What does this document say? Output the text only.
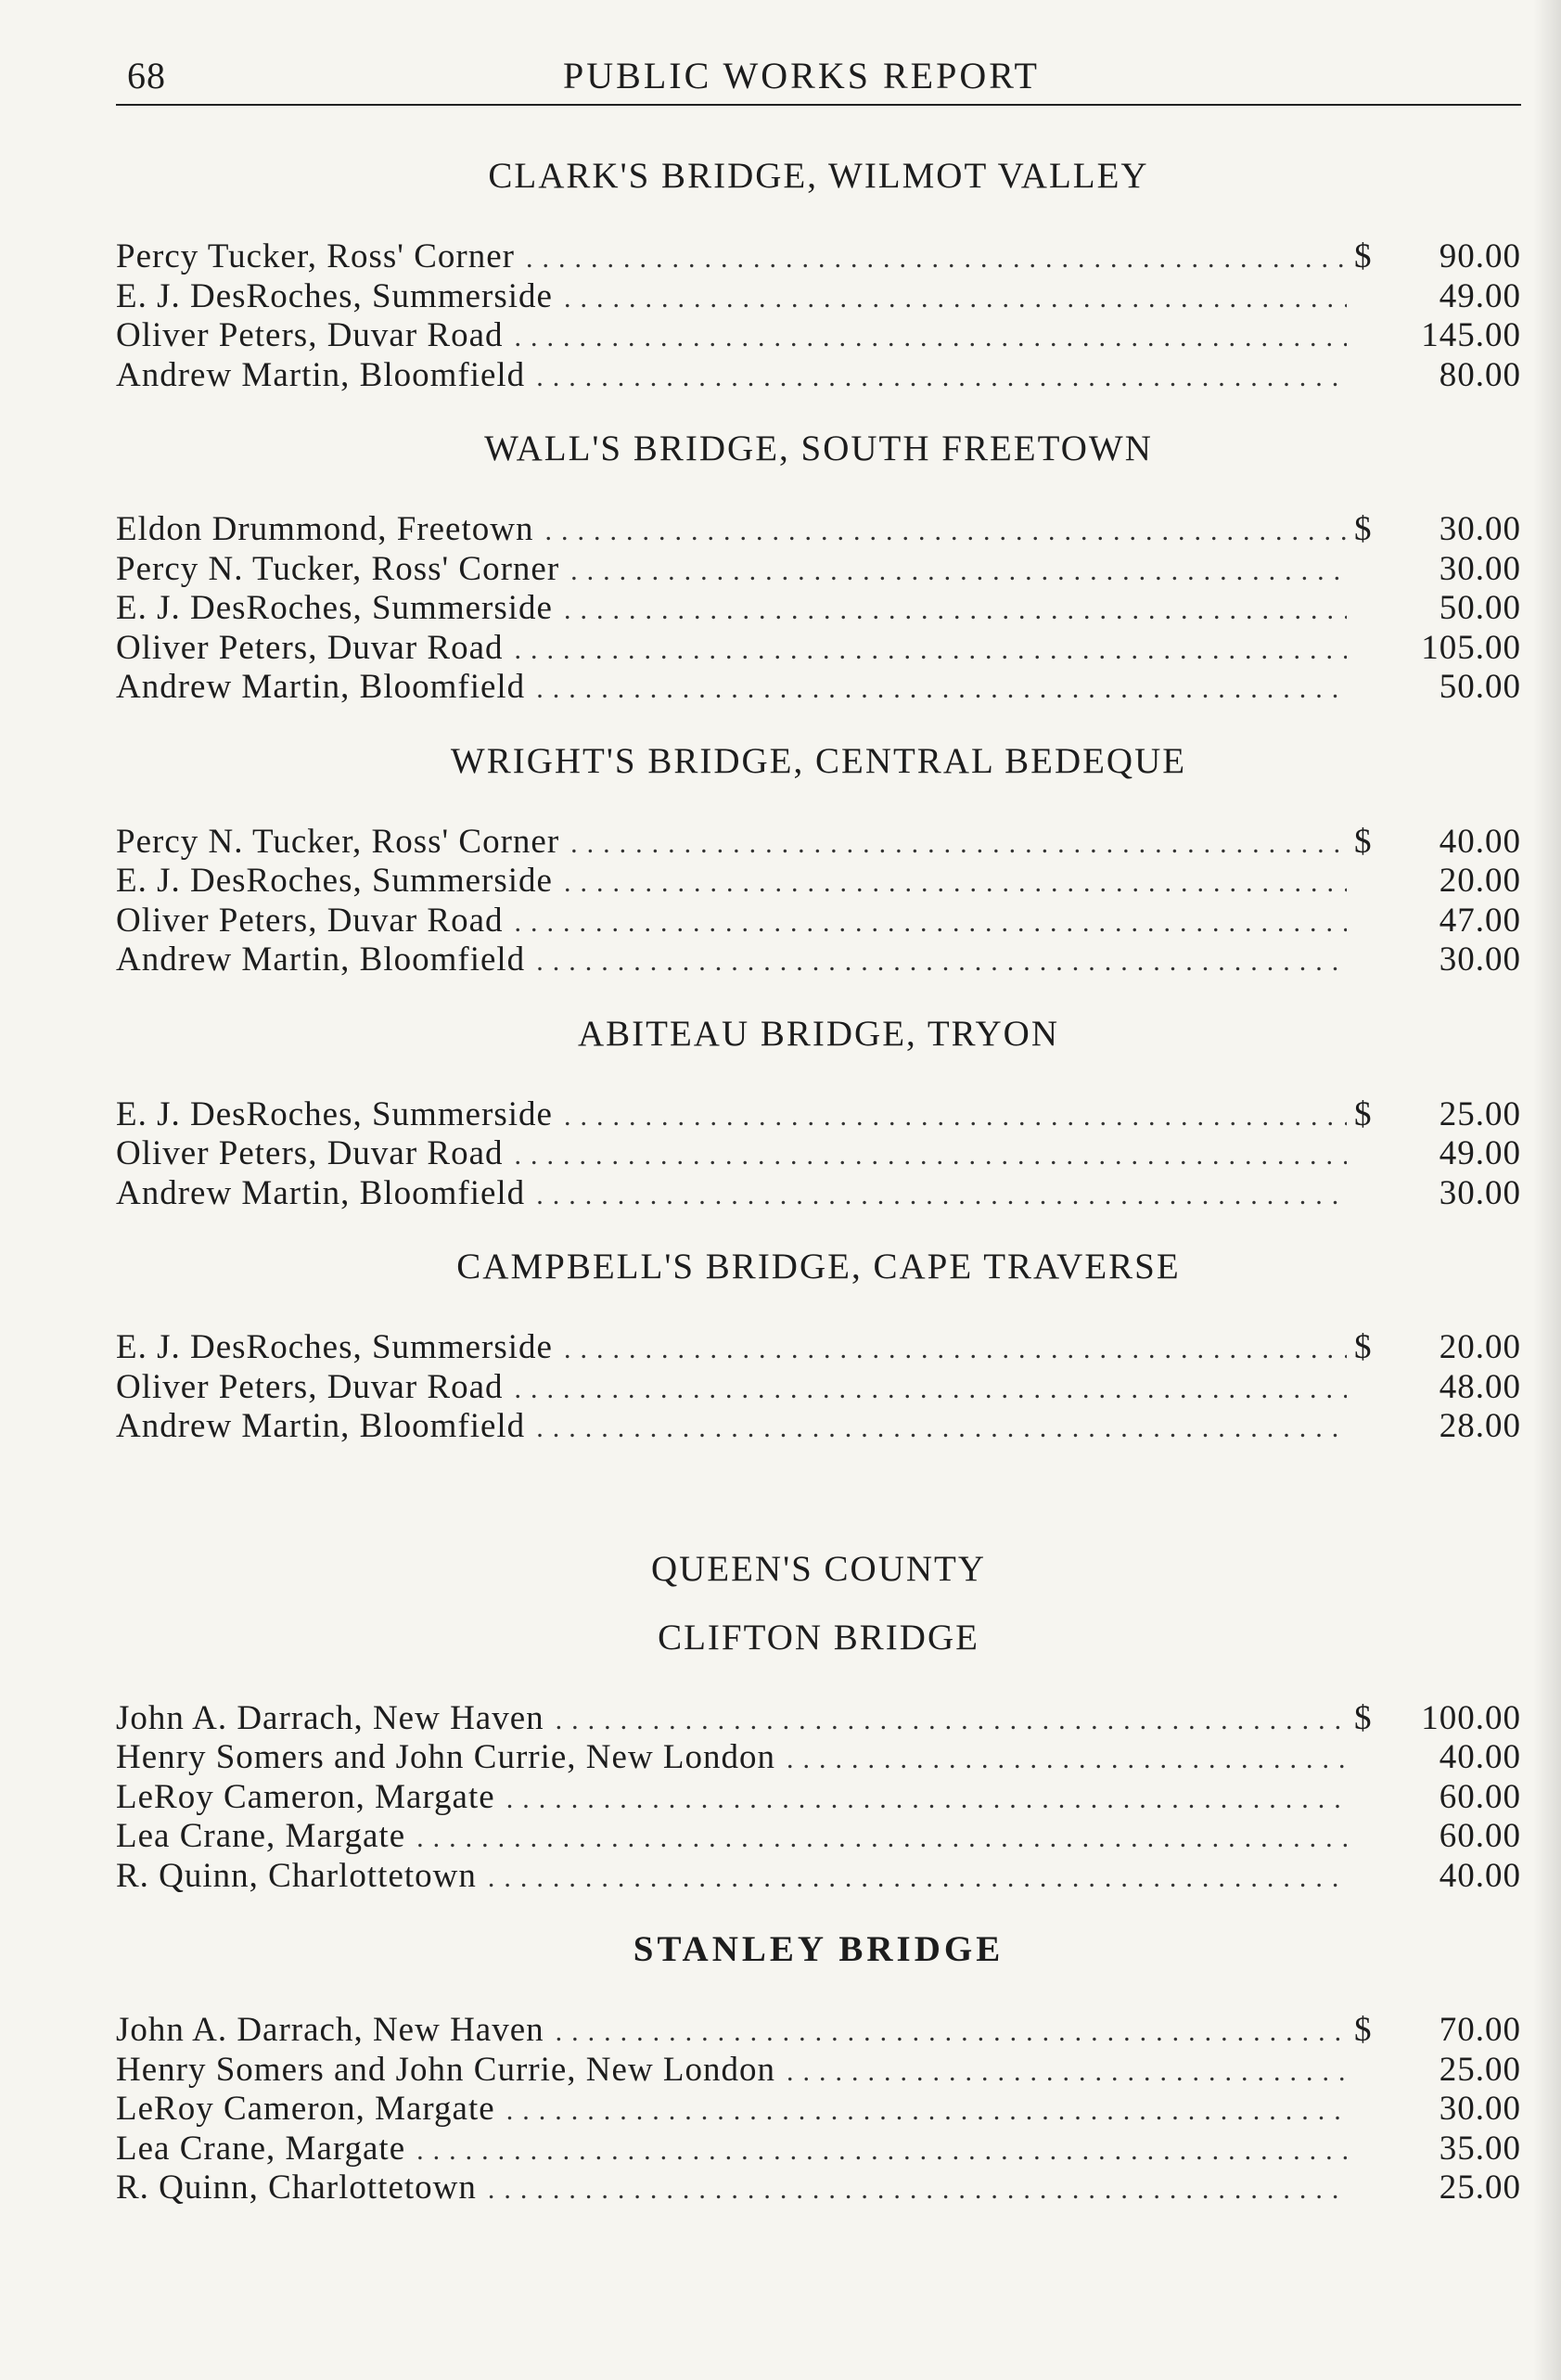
68	PUBLIC WORKS REPORT
CLARK'S BRIDGE, WILMOT VALLEY
Percy Tucker, Ross' Corner .....	$	90.00
E. J. DesRoches, Summerside .....	49.00
Oliver Peters, Duvar Road .....	145.00
Andrew Martin, Bloomfield .....	80.00
WALL'S BRIDGE, SOUTH FREETOWN
Eldon Drummond, Freetown .....	$	30.00
Percy N. Tucker, Ross' Corner .....	30.00
E. J. DesRoches, Summerside .....	50.00
Oliver Peters, Duvar Road .....	105.00
Andrew Martin, Bloomfield .....	50.00
WRIGHT'S BRIDGE, CENTRAL BEDEQUE
Percy N. Tucker, Ross' Corner .....	$	40.00
E. J. DesRoches, Summerside .....	20.00
Oliver Peters, Duvar Road .....	47.00
Andrew Martin, Bloomfield .....	30.00
ABITEAU BRIDGE, TRYON
E. J. DesRoches, Summerside .....	$	25.00
Oliver Peters, Duvar Road .....	49.00
Andrew Martin, Bloomfield .....	30.00
CAMPBELL'S BRIDGE, CAPE TRAVERSE
E. J. DesRoches, Summerside .....	$	20.00
Oliver Peters, Duvar Road .....	48.00
Andrew Martin, Bloomfield .....	28.00
QUEEN'S COUNTY
CLIFTON BRIDGE
John A. Darrach, New Haven .....	$	100.00
Henry Somers and John Currie, New London .....	40.00
LeRoy Cameron, Margate .....	60.00
Lea Crane, Margate .....	60.00
R. Quinn, Charlottetown .....	40.00
STANLEY BRIDGE
John A. Darrach, New Haven .....	$	70.00
Henry Somers and John Currie, New London .....	25.00
LeRoy Cameron, Margate .....	30.00
Lea Crane, Margate .....	35.00
R. Quinn, Charlottetown .....	25.00
